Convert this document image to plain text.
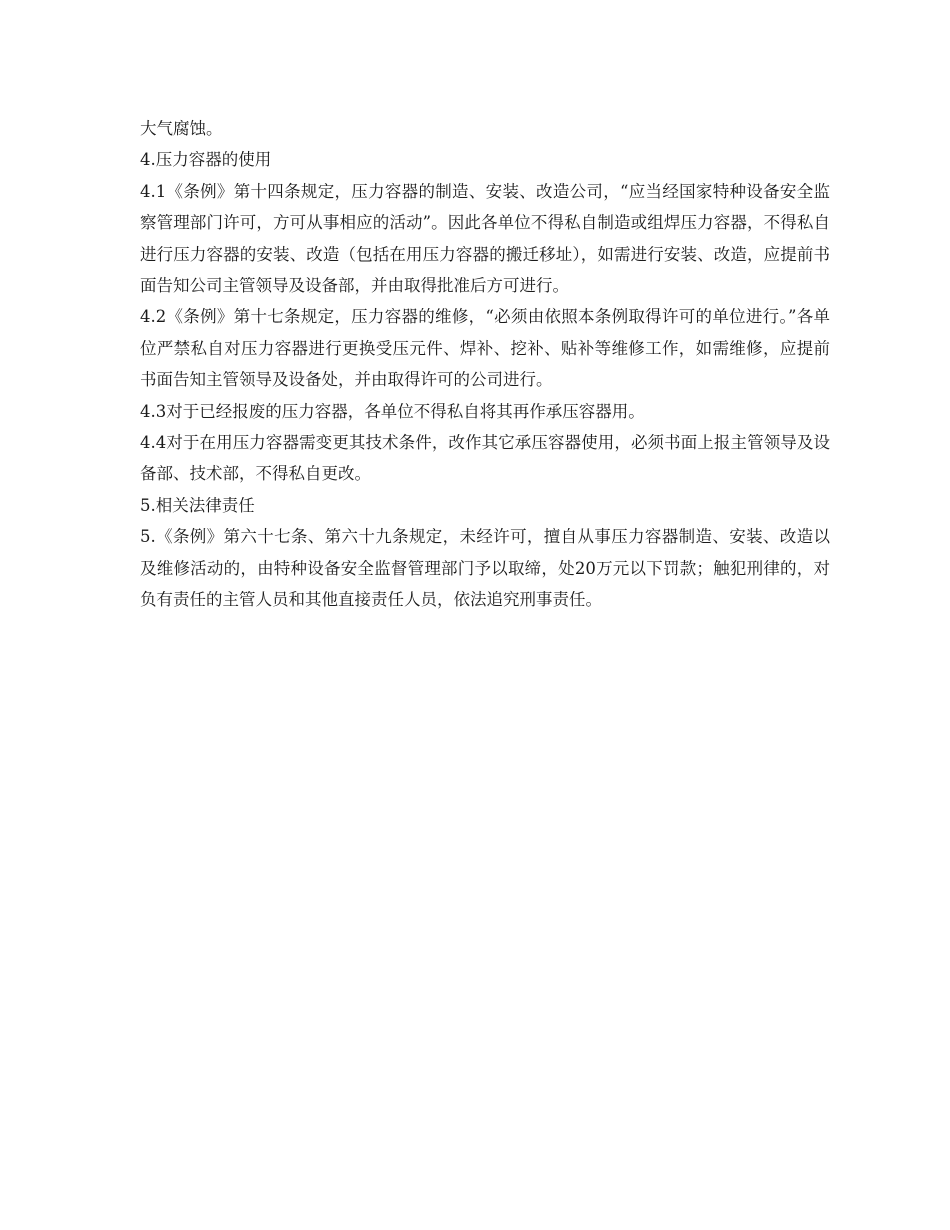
大气腐蚀。

4.压力容器的使用

4.1《条例》第十四条规定，压力容器的制造、安装、改造公司，“应当经国家特种设备安全监察管理部门许可，方可从事相应的活动”。因此各单位不得私自制造或组焊压力容器，不得私自进行压力容器的安装、改造（包括在用压力容器的搬迁移址），如需进行安装、改造，应提前书面告知公司主管领导及设备部，并由取得批准后方可进行。

4.2《条例》第十七条规定，压力容器的维修，“必须由依照本条例取得许可的单位进行。”各单位严禁私自对压力容器进行更换受压元件、焊补、挖补、贴补等维修工作，如需维修，应提前书面告知主管领导及设备处，并由取得许可的公司进行。

4.3对于已经报废的压力容器，各单位不得私自将其再作承压容器用。

4.4对于在用压力容器需变更其技术条件，改作其它承压容器使用，必须书面上报主管领导及设备部、技术部，不得私自更改。

5.相关法律责任

5.《条例》第六十七条、第六十九条规定，未经许可，擅自从事压力容器制造、安装、改造以及维修活动的，由特种设备安全监督管理部门予以取缔，处20万元以下罚款；触犯刑律的，对负有责任的主管人员和其他直接责任人员，依法追究刑事责任。
